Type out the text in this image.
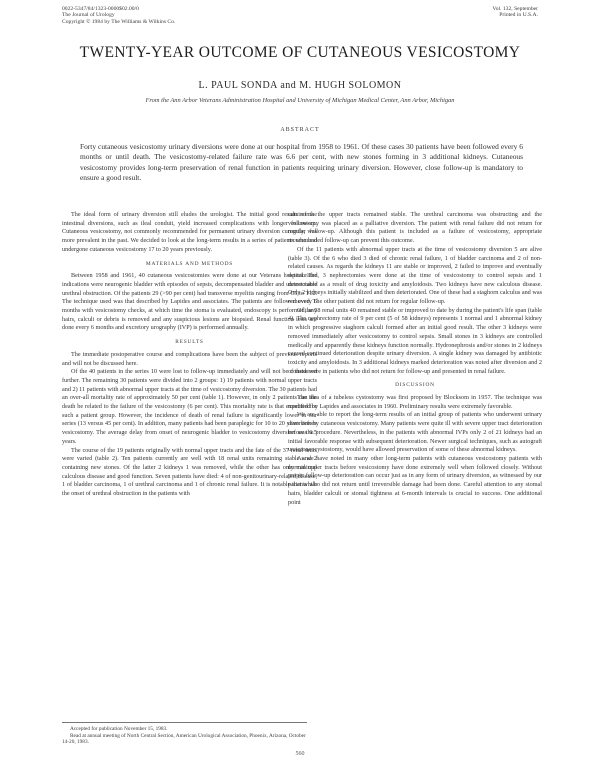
0022-5347/84/1323-0000$02.00/0
The Journal of Urology
Copyright © 1984 by The Williams & Wilkins Co.
Vol. 132, September
Printed in U.S.A.
TWENTY-YEAR OUTCOME OF CUTANEOUS VESICOSTOMY
L. PAUL SONDA and M. HUGH SOLOMON
From the Ann Arbor Veterans Administration Hospital and University of Michigan Medical Center, Ann Arbor, Michigan
ABSTRACT

Forty cutaneous vesicostomy urinary diversions were done at our hospital from 1958 to 1961. Of these cases 30 patients have been followed every 6 months or until death. The vesicostomy-related failure rate was 6.6 per cent, with new stones forming in 3 additional kidneys. Cutaneous vesicostomy provides long-term preservation of renal function in patients requiring urinary diversion. However, close follow-up is mandatory to ensure a good result.

The ideal form of urinary diversion still eludes the urologist. The initial good results of the intestinal diversions, such as ileal conduit, yield increased complications with longer follow-up. Cutaneous vesicostomy, not commonly recommended for permanent urinary diversion currently, was more prevalent in the past. We decided to look at the long-term results in a series of patients who had undergone cutaneous vesicostomy 17 to 20 years previously.

MATERIALS AND METHODS

Between 1958 and 1961, 40 cutaneous vesicostomies were done at our Veterans hospital. The indications were neurogenic bladder with episodes of sepsis, decompensated bladder and unresectable urethral obstruction. Of the patients 29 (>90 per cent) had transverse myelitis ranging from C5 to T12. The technique used was that described by Lapides and associates. The patients are followed every 6 months with vesicostomy checks, at which time the stoma is evaluated, endoscopy is performed, any hairs, calculi or debris is removed and any suspicious lesions are biopsied. Renal function tests are done every 6 months and excretory urography (IVP) is performed annually.

RESULTS

The immediate postoperative course and complications have been the subject of previous reports and will not be discussed here.

Of the 40 patients in the series 10 were lost to follow-up immediately and will not be considered further. The remaining 30 patients were divided into 2 groups: 1) 19 patients with normal upper tracts and 2) 11 patients with abnormal upper tracts at the time of vesicostomy diversion. The 30 patients had an over-all mortality rate of approximately 50 per cent (table 1). However, in only 2 patients can the death be related to the failure of the vesicostomy (6 per cent). This mortality rate is that expected for such a patient group. However, the incidence of death of renal failure is significantly lower in our series (13 versus 45 per cent). In addition, many patients had been paraplegic for 10 to 20 years before vesicostomy. The average delay from onset of neurogenic bladder to vesicostomy diversion was 6.5 years.

The course of the 19 patients originally with normal upper tracts and the fate of the 37 renal units were varied (table 2). Ten patients currently are well with 18 renal units remaining stable and 2 containing new stones. Of the latter 2 kidneys 1 was removed, while the other has only minimal calculous disease and good function. Seven patients have died: 4 of non-genitourinary-related disease, 1 of bladder carcinoma, 1 of urethral carcinoma and 1 of chronic renal failure. It is notable that while the onset of urethral obstruction in the patients with

Accepted for publication November 15, 1983.
Read at annual meeting of North Central Section, American Urological Association, Phoenix, Arizona, October 14-20, 1983.

carcinoma the upper tracts remained stable. The urethral carcinoma was obstructing and the vesicostomy was placed as a palliative diversion. The patient with renal failure did not return for regular follow-up. Although this patient is included as a failure of vesicostomy, appropriate recommended follow-up can prevent this outcome.

Of the 11 patients with abnormal upper tracts at the time of vesicostomy diversion 5 are alive (table 3). Of the 6 who died 3 died of chronic renal failure, 1 of bladder carcinoma and 2 of non-related causes. As regards the kidneys 11 are stable or improved, 2 failed to improve and eventually deteriorated, 3 nephrectomies were done at the time of vesicostomy to control sepsis and 1 deteriorated as a result of drug toxicity and amyloidosis. Two kidneys have new calculous disease. Only 2 kidneys initially stabilized and then deteriorated. One of these had a staghorn calculus and was removed. The other patient did not return for regular follow-up.

Of the 58 renal units 40 remained stable or improved to date by during the patient's life span (table 4). The nephrectomy rate of 9 per cent (5 of 58 kidneys) represents 1 normal and 1 abnormal kidney in which progressive staghorn calculi formed after an initial good result. The other 3 kidneys were removed immediately after vesicostomy to control sepsis. Small stones in 3 kidneys are controlled medically and apparently these kidneys function normally. Hydronephrosis and/or stones in 2 kidneys caused continued deterioration despite urinary diversion. A single kidney was damaged by antibiotic toxicity and amyloidosis. In 3 additional kidneys marked deterioration was noted after diversion and 2 of these were in patients who did not return for follow-up and presented in renal failure.

DISCUSSION

The idea of a tubeless cystostomy was first proposed by Blocksom in 1957. The technique was modified by Lapides and associates in 1960. Preliminary results were extremely favorable.

We are able to report the long-term results of an initial group of patients who underwent urinary diversion by cutaneous vesicostomy. Many patients were quite ill with severe upper tract deterioration before the procedure. Nevertheless, in the patients with abnormal IVPs only 2 of 21 kidneys had an initial favorable response with subsequent deterioration. Newer surgical techniques, such as autograft ureteroneocystostomy, would have allowed preservation of some of these abnormal kidneys.

As we have noted in many other long-term patients with cutaneous vesicostomy patients with normal upper tracts before vesicostomy have done extremely well when followed closely. Without proper follow-up deterioration can occur just as in any form of urinary diversion, as witnessed by our patients who did not return until irreversible damage had been done. Careful attention to any stomal hairs, bladder calculi or stomal tightness at 6-month intervals is crucial to success. One additional point

560
